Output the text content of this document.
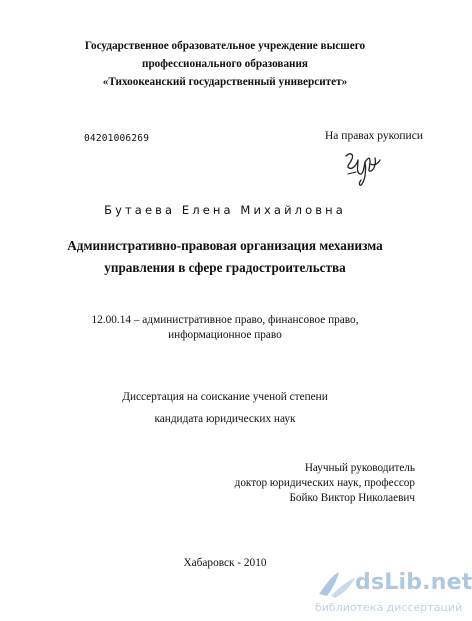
Государственное образовательное учреждение высшего
профессионального образования
«Тихоокеанский государственный университет»
04201006269	На правах рукописи
Бутаева Елена Михайловна
Административно-правовая организация механизма
управления в сфере градостроительства
12.00.14 – административное право, финансовое право,
информационное право
Диссертация на соискание ученой степени
кандидата юридических наук
Научный руководитель
доктор юридических наук, профессор
Бойко Виктор Николаевич
Хабаровск - 2010
dsLib.net
библиотека диссертаций
